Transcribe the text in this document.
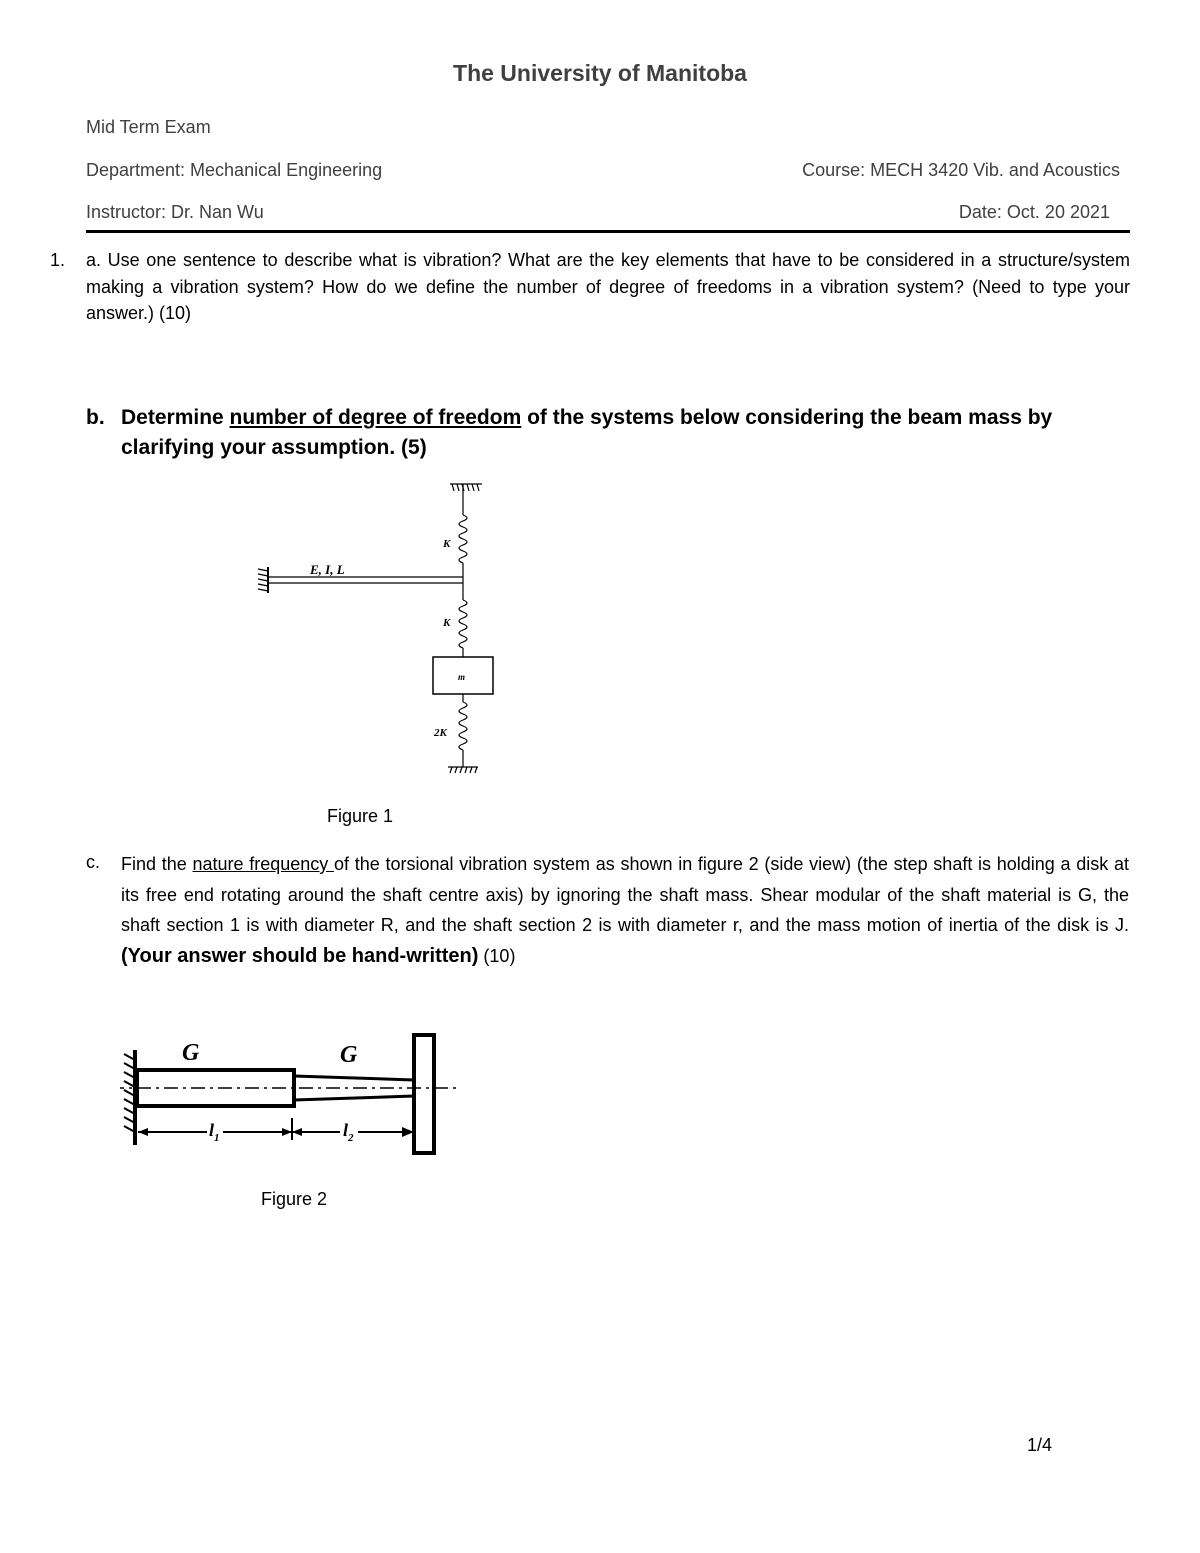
The University of Manitoba
Mid Term Exam
Department: Mechanical Engineering	Course: MECH 3420 Vib. and Acoustics
Instructor: Dr. Nan Wu	Date: Oct. 20 2021
1. a. Use one sentence to describe what is vibration? What are the key elements that have to be considered in a structure/system making a vibration system? How do we define the number of degree of freedoms in a vibration system? (Need to type your answer.) (10)
b. Determine number of degree of freedom of the systems below considering the beam mass by clarifying your assumption. (5)
E, I, L
K
K
m
2K
Figure 1
c. Find the nature frequency of the torsional vibration system as shown in figure 2 (side view) (the step shaft is holding a disk at its free end rotating around the shaft centre axis) by ignoring the shaft mass. Shear modular of the shaft material is G, the shaft section 1 is with diameter R, and the shaft section 2 is with diameter r, and the mass motion of inertia of the disk is J. (Your answer should be hand-written) (10)
G	G
$l_1$	$l_2$
Figure 2
1/4
